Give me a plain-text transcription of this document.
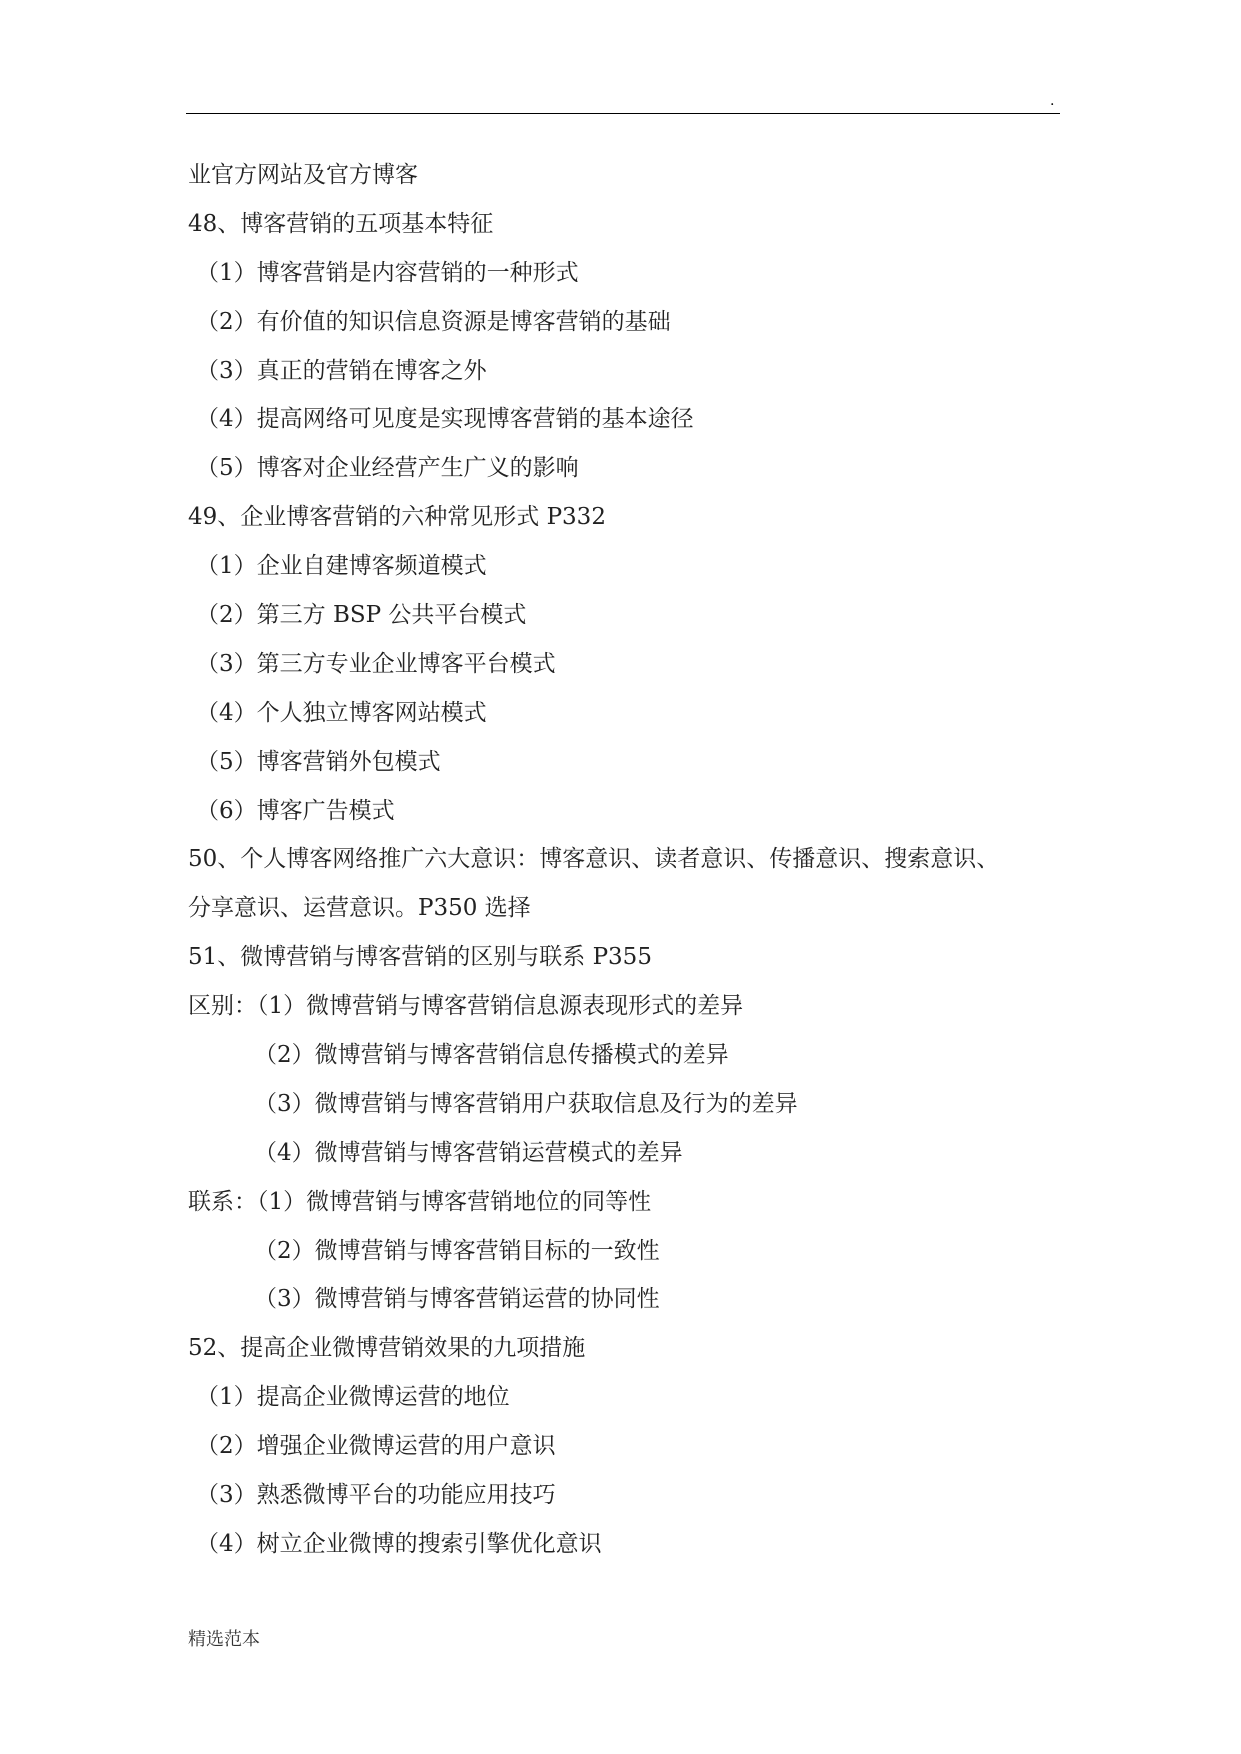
.
业官方网站及官方博客
48、博客营销的五项基本特征
（1）博客营销是内容营销的一种形式
（2）有价值的知识信息资源是博客营销的基础
（3）真正的营销在博客之外
（4）提高网络可见度是实现博客营销的基本途径
（5）博客对企业经营产生广义的影响
49、企业博客营销的六种常见形式 P332
（1）企业自建博客频道模式
（2）第三方 BSP 公共平台模式
（3）第三方专业企业博客平台模式
（4）个人独立博客网站模式
（5）博客营销外包模式
（6）博客广告模式
50、个人博客网络推广六大意识：博客意识、读者意识、传播意识、搜索意识、
分享意识、运营意识。P350 选择
51、微博营销与博客营销的区别与联系 P355
区别：（1）微博营销与博客营销信息源表现形式的差异
（2）微博营销与博客营销信息传播模式的差异
（3）微博营销与博客营销用户获取信息及行为的差异
（4）微博营销与博客营销运营模式的差异
联系：（1）微博营销与博客营销地位的同等性
（2）微博营销与博客营销目标的一致性
（3）微博营销与博客营销运营的协同性
52、提高企业微博营销效果的九项措施
（1）提高企业微博运营的地位
（2）增强企业微博运营的用户意识
（3）熟悉微博平台的功能应用技巧
（4）树立企业微博的搜索引擎优化意识
精选范本
